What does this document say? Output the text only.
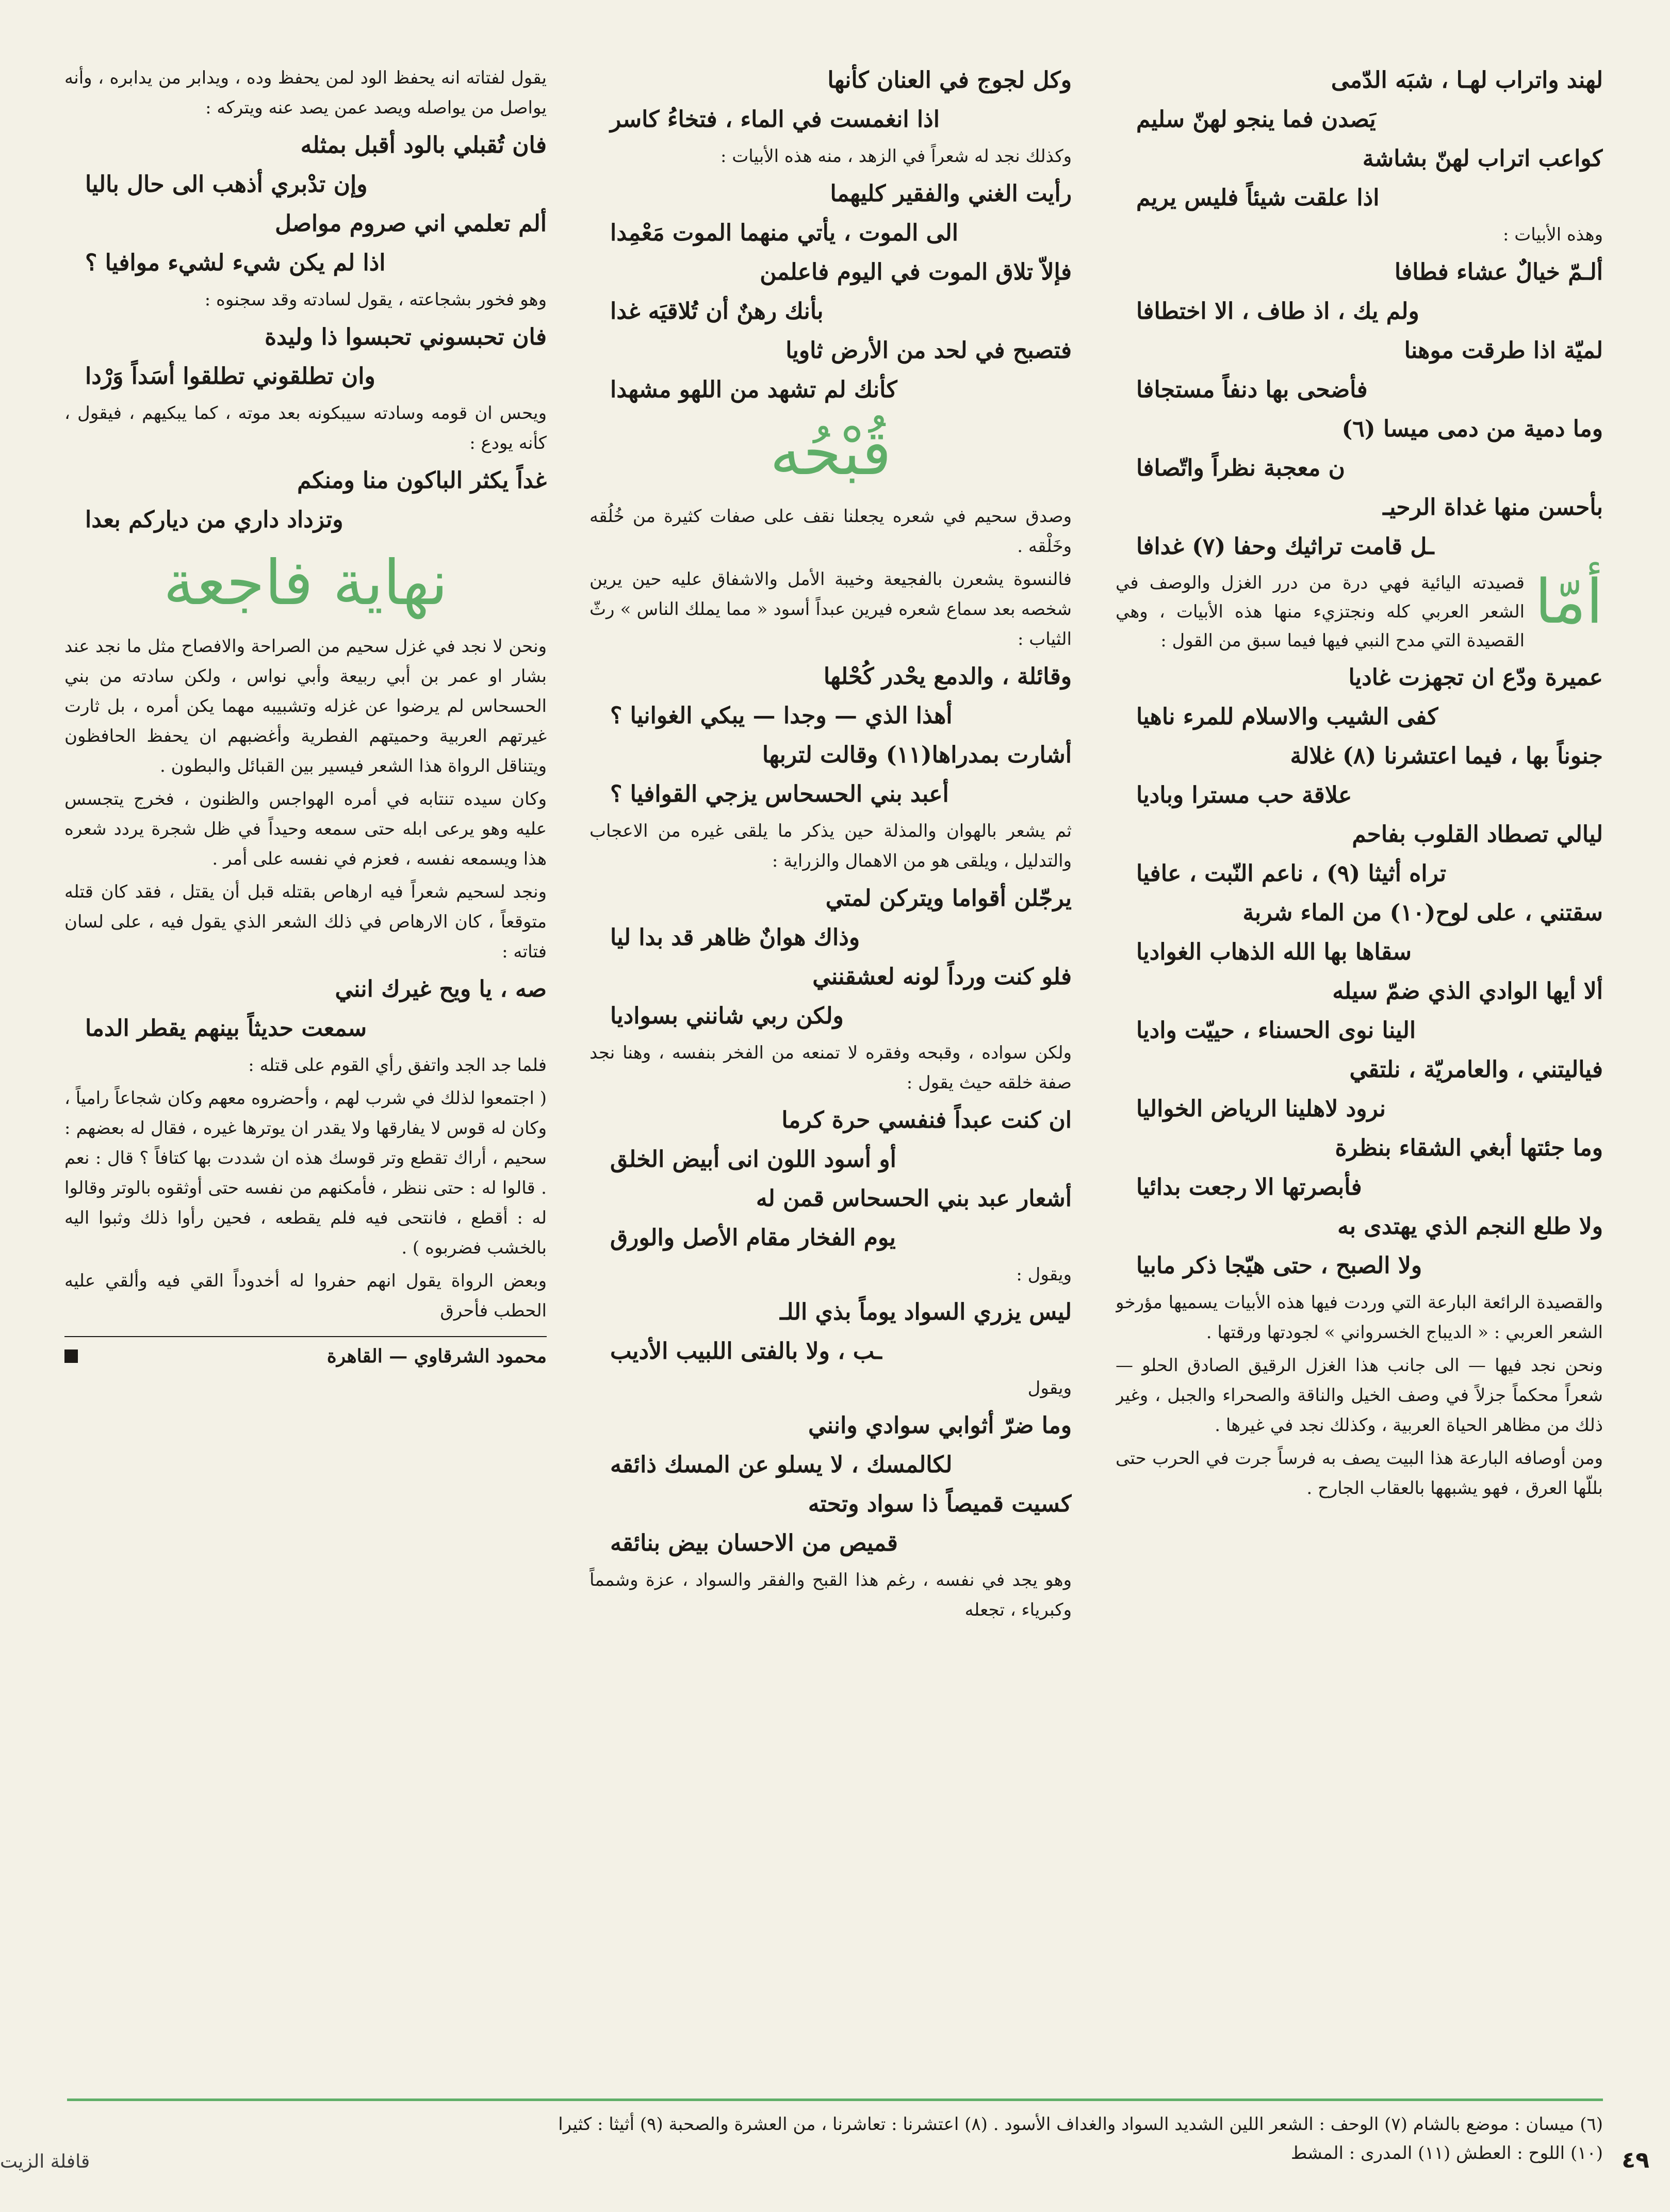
لهند واتراب لهـا ، شبَه الدّمى
يَصدن فما ينجو لهنّ سليم
كواعب اتراب لهنّ بشاشة
اذا علقت شيئاً فليس يريم

وهذه الأبيات :

ألـمّ خيالٌ عشاء فطافا
ولم يك ، اذ طاف ، الا اختطافا
لميّة اذا طرقت موهنا
فأضحى بها دنفاً مستجافا
وما دمية من دمى ميسا (٦)
ن معجبة نظراً واتّصافا
بأحسن منها غداة الرحيـ
ـل قامت تراثيك وحفا (٧) غدافا

أمّا
قصيدته اليائية فهي درة من درر الغزل والوصف في الشعر العربي كله ونجتزيء منها هذه الأبيات ، وهي القصيدة التي مدح النبي فيها فيما سبق من القول :

عميرة ودّع ان تجهزت غاديا
كفى الشيب والاسلام للمرء ناهيا
جنوناً بها ، فيما اعتشرنا (٨) غلالة
علاقة حب مسترا وباديا
ليالي تصطاد القلوب بفاحم
تراه أثيثا (٩) ، ناعم النّبت ، عافيا
سقتني ، على لوح(١٠) من الماء شربة
سقاها بها الله الذهاب الغواديا
ألا أيها الوادي الذي ضمّ سيله
الينا نوى الحسناء ، حييّت واديا
فياليتني ، والعامريّة ، نلتقي
نرود لاهلينا الرياض الخواليا
وما جئتها أبغي الشقاء بنظرة
فأبصرتها الا رجعت بدائيا
ولا طلع النجم الذي يهتدى به
ولا الصبح ، حتى هيّجا ذكر مابيا

والقصيدة الرائعة البارعة التي وردت فيها هذه الأبيات يسميها مؤرخو الشعر العربي : « الديباج الخسرواني » لجودتها ورقتها .

ونحن نجد فيها — الى جانب هذا الغزل الرقيق الصادق الحلو — شعراً محكماً جزلاً في وصف الخيل والناقة والصحراء والجبل ، وغير ذلك من مظاهر الحياة العربية ، وكذلك نجد في غيرها .

ومن أوصافه البارعة هذا البيت يصف به فرساً جرت في الحرب حتى بللّها العرق ، فهو يشبهها بالعقاب الجارح .

وكل لجوج في العنان كأنها
اذا انغمست في الماء ، فتخاءُ كاسر

وكذلك نجد له شعراً في الزهد ، منه هذه الأبيات :

رأيت الغني والفقير كليهما
الى الموت ، يأتي منهما الموت مَعْمِدا
فإلاّ تلاق الموت في اليوم فاعلمن
بأنك رهنٌ أن تُلاقيَه غدا
فتصبح في لحد من الأرض ثاويا
كأنك لم تشهد من اللهو مشهدا
قُبْحُه

وصدق سحيم في شعره يجعلنا نقف على صفات كثيرة من خُلُقه وخَلْقه .

فالنسوة يشعرن بالفجيعة وخيبة الأمل والاشفاق عليه حين يرين شخصه بعد سماع شعره فيرين عبداً أسود « مما يملك الناس » رثّ الثياب :

وقائلة ، والدمع يحْدر كُحْلها
أهذا الذي — وجدا — يبكي الغوانيا ؟
أشارت بمدراها(١١) وقالت لتربها
أعبد بني الحسحاس يزجي القوافيا ؟

ثم يشعر بالهوان والمذلة حين يذكر ما يلقى غيره من الاعجاب والتدليل ، ويلقى هو من الاهمال والزراية :

يرجّلن أقواما ويتركن لمتي
وذاك هوانٌ ظاهر قد بدا ليا
فلو كنت ورداً لونه لعشقنني
ولكن ربي شانني بسواديا

ولكن سواده ، وقبحه وفقره لا تمنعه من الفخر بنفسه ، وهنا نجد صفة خلقه حيث يقول :

ان كنت عبداً فنفسي حرة كرما
أو أسود اللون انى أبيض الخلق
أشعار عبد بني الحسحاس قمن له
يوم الفخار مقام الأصل والورق

ويقول :

ليس يزري السواد يوماً بذي اللـ
ـب ، ولا بالفتى اللبيب الأديب

ويقول

وما ضرّ أثوابي سوادي وانني
لكالمسك ، لا يسلو عن المسك ذائقه
كسيت قميصاً ذا سواد وتحته
قميص من الاحسان بيض بنائقه

وهو يجد في نفسه ، رغم هذا القبح والفقر والسواد ، عزة وشمماً وكبرياء ، تجعله

يقول لفتاته انه يحفظ الود لمن يحفظ وده ، ويدابر من يدابره ، وأنه يواصل من يواصله ويصد عمن يصد عنه ويتركه :

فان تُقبلي بالود أقبل بمثله
وإن تدْبري أذهب الى حال باليا
ألم تعلمي اني صروم مواصل
اذا لم يكن شيء لشيء موافيا ؟

وهو فخور بشجاعته ، يقول لسادته وقد سجنوه :

فان تحبسوني تحبسوا ذا وليدة
وان تطلقوني تطلقوا أسَداً وَرْدا

ويحس ان قومه وسادته سيبكونه بعد موته ، كما يبكيهم ، فيقول ، كأنه يودع :

غداً يكثر الباكون منا ومنكم
وتزداد داري من دياركم بعدا
نهاية فاجعة

ونحن لا نجد في غزل سحيم من الصراحة والافصاح مثل ما نجد عند بشار او عمر بن أبي ربيعة وأبي نواس ، ولكن سادته من بني الحسحاس لم يرضوا عن غزله وتشبيبه مهما يكن أمره ، بل ثارت غيرتهم العربية وحميتهم الفطرية وأغضبهم ان يحفظ الحافظون ويتناقل الرواة هذا الشعر فيسير بين القبائل والبطون .

وكان سيده تنتابه في أمره الهواجس والظنون ، فخرج يتجسس عليه وهو يرعى ابله حتى سمعه وحيداً في ظل شجرة يردد شعره هذا ويسمعه نفسه ، فعزم في نفسه على أمر .

ونجد لسحيم شعراً فيه ارهاص بقتله قبل أن يقتل ، فقد كان قتله متوقعاً ، كان الارهاص في ذلك الشعر الذي يقول فيه ، على لسان فتاته :

صه ، يا ويح غيرك انني
سمعت حديثاً بينهم يقطر الدما

فلما جد الجد واتفق رأي القوم على قتله :

( اجتمعوا لذلك في شرب لهم ، وأحضروه معهم وكان شجاعاً رامياً ، وكان له قوس لا يفارقها ولا يقدر ان يوترها غيره ، فقال له بعضهم : سحيم ، أراك تقطع وتر قوسك هذه ان شددت بها كتافاً ؟ قال : نعم . قالوا له : حتى ننظر ، فأمكنهم من نفسه حتى أوثقوه بالوتر وقالوا له : أقطع ، فانتحى فيه فلم يقطعه ، فحين رأوا ذلك وثبوا اليه بالخشب فضربوه ) .

وبعض الرواة يقول انهم حفروا له أخدوداً القي فيه وألقي عليه الحطب فأحرق

محمود الشرقاوي — القاهرة
(٦) ميسان : موضع بالشام (٧) الوحف : الشعر اللين الشديد السواد والغداف الأسود . (٨) اعتشرنا : تعاشرنا ، من العشرة والصحبة (٩) أثيثا : كثيرا
(١٠) اللوح : العطش (١١) المدرى : المشط ٤٩
قافلة الزيت
